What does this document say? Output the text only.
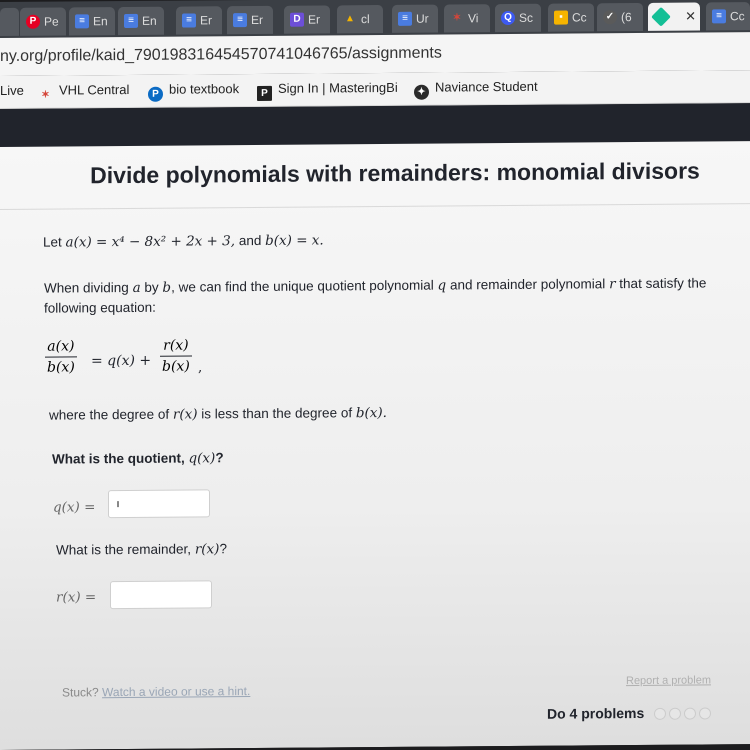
P Pe	≡ En	≡ En	≡ Er	≡ Er	D Er	▲ cl	≡ Ur ✶ Vi	Q Sc	▪ Cc ✓ (6	✕	≡ Cc
ny.org/profile/kaid_790198316454570741046765/assignments
Live	✶ VHL Central	P bio textbook	P Sign In | MasteringBi	✦ Naviance Student
Divide polynomials with remainders: monomial divisors
Let a(x) = x⁴ − 8x² + 2x + 3, and b(x) = x.
When dividing a by b, we can find the unique quotient polynomial q and remainder polynomial r that satisfy the
following equation:
a(x)
b(x) = q(x) +
r(x)
b(x) ,
where the degree of r(x) is less than the degree of b(x).
What is the quotient, q(x)?
q(x) =
What is the remainder, r(x)?
r(x) =
Stuck? Watch a video or use a hint.
Report a problem
Do 4 problems
